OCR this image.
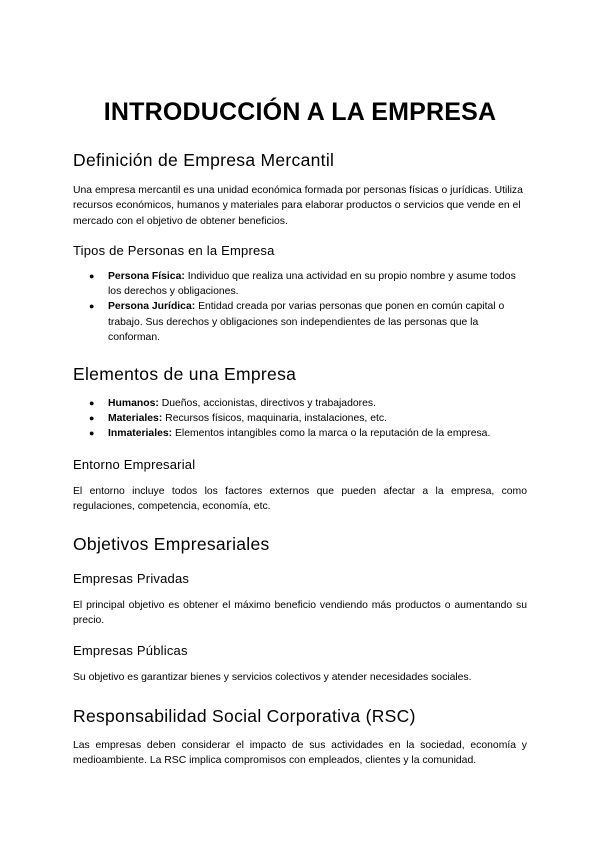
INTRODUCCIÓN A LA EMPRESA
Definición de Empresa Mercantil

Una empresa mercantil es una unidad económica formada por personas físicas o jurídicas. Utiliza recursos económicos, humanos y materiales para elaborar productos o servicios que vende en el mercado con el objetivo de obtener beneficios.

Tipos de Personas en la Empresa
● Persona Física: Individuo que realiza una actividad en su propio nombre y asume todos los derechos y obligaciones.
● Persona Jurídica: Entidad creada por varias personas que ponen en común capital o trabajo. Sus derechos y obligaciones son independientes de las personas que la conforman.
Elementos de una Empresa
● Humanos: Dueños, accionistas, directivos y trabajadores.
● Materiales: Recursos físicos, maquinaria, instalaciones, etc.
● Inmateriales: Elementos intangibles como la marca o la reputación de la empresa.
Entorno Empresarial

El entorno incluye todos los factores externos que pueden afectar a la empresa, como regulaciones, competencia, economía, etc.

Objetivos Empresariales
Empresas Privadas

El principal objetivo es obtener el máximo beneficio vendiendo más productos o aumentando su precio.

Empresas Públicas

Su objetivo es garantizar bienes y servicios colectivos y atender necesidades sociales.

Responsabilidad Social Corporativa (RSC)

Las empresas deben considerar el impacto de sus actividades en la sociedad, economía y medioambiente. La RSC implica compromisos con empleados, clientes y la comunidad.
